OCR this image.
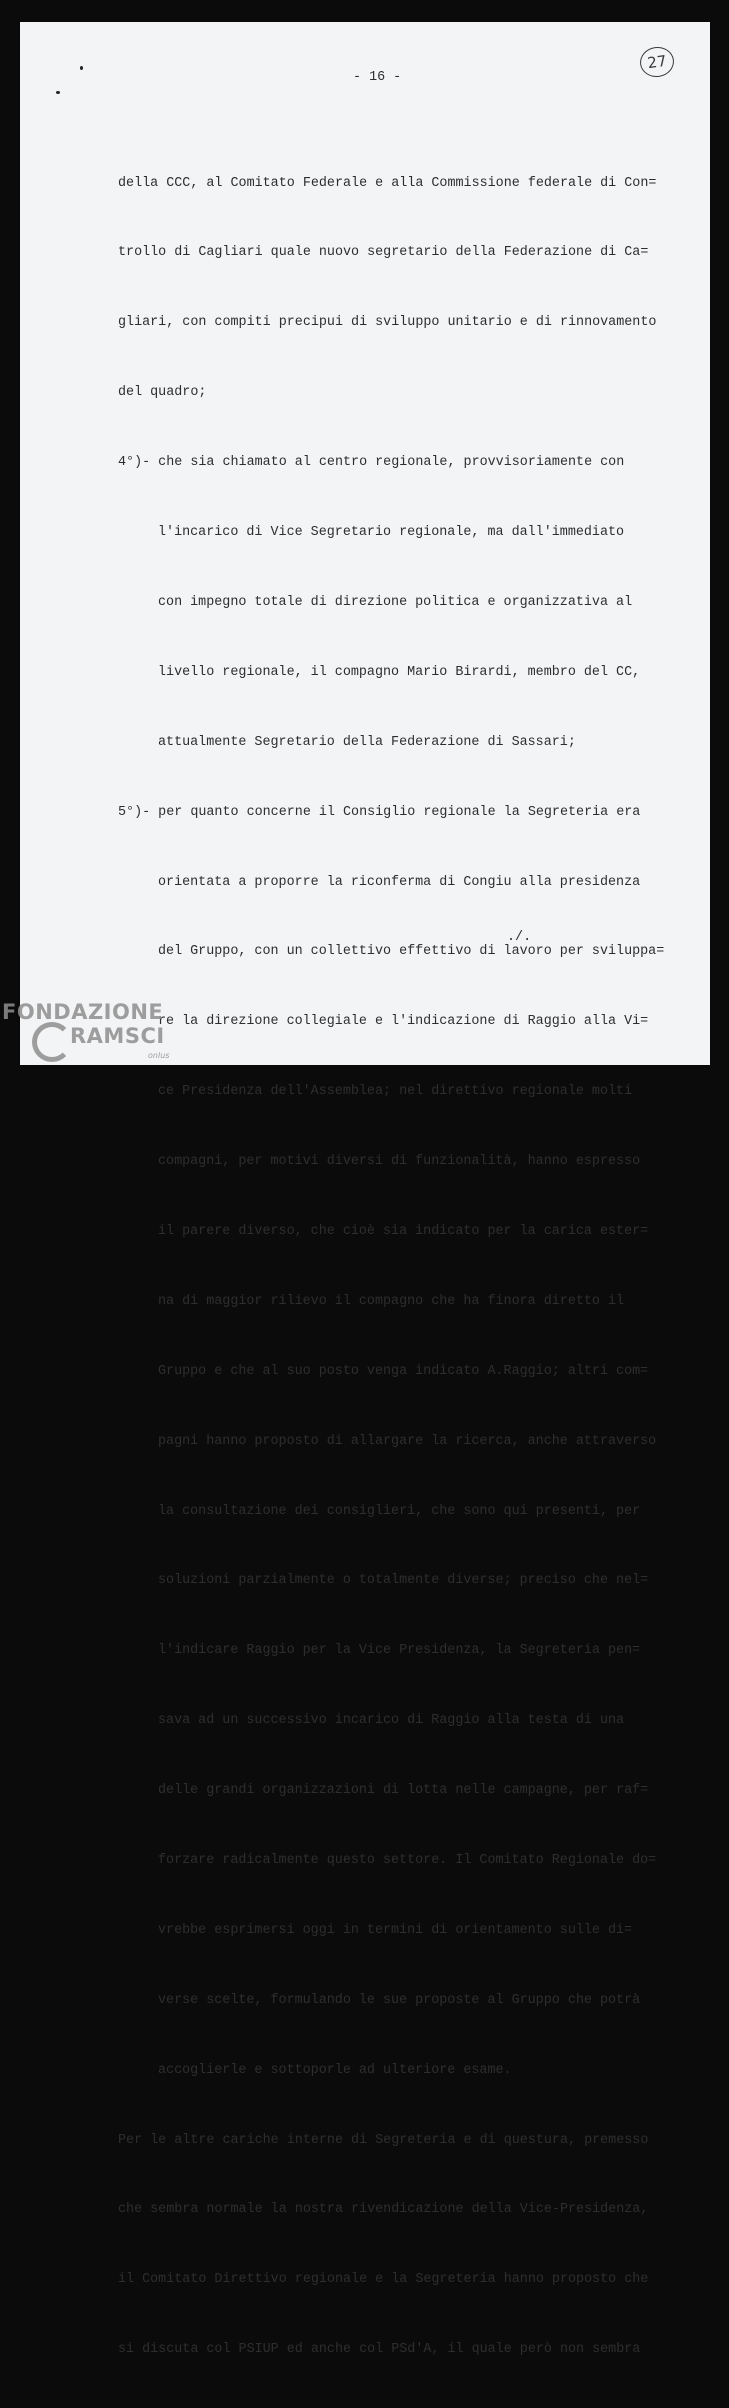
- 16 -
27

della CCC, al Comitato Federale e alla Commissione federale di Con=

trollo di Cagliari quale nuovo segretario della Federazione di Ca=

gliari, con compiti precipui di sviluppo unitario e di rinnovamento

del quadro;

4°)- che sia chiamato al centro regionale, provvisoriamente con

l'incarico di Vice Segretario regionale, ma dall'immediato

con impegno totale di direzione politica e organizzativa al

livello regionale, il compagno Mario Birardi, membro del CC,

attualmente Segretario della Federazione di Sassari;

5°)- per quanto concerne il Consiglio regionale la Segreteria era

orientata a proporre la riconferma di Congiu alla presidenza

del Gruppo, con un collettivo effettivo di lavoro per sviluppa=

re la direzione collegiale e l'indicazione di Raggio alla Vi=

ce Presidenza dell'Assemblea; nel direttivo regionale molti

compagni, per motivi diversi di funzionalità, hanno espresso

il parere diverso, che cioè sia indicato per la carica ester=

na di maggior rilievo il compagno che ha finora diretto il

Gruppo e che al suo posto venga indicato A.Raggio; altri com=

pagni hanno proposto di allargare la ricerca, anche attraverso

la consultazione dei consiglieri, che sono qui presenti, per

soluzioni parzialmente o totalmente diverse; preciso che nel=

l'indicare Raggio per la Vice Presidenza, la Segreteria pen=

sava ad un successivo incarico di Raggio alla testa di una

delle grandi organizzazioni di lotta nelle campagne, per raf=

forzare radicalmente questo settore. Il Comitato Regionale do=

vrebbe esprimersi oggi in termini di orientamento sulle di=

verse scelte, formulando le sue proposte al Gruppo che potrà

accoglierle e sottoporle ad ulteriore esame.

Per le altre cariche interne di Segreteria e di questura, premesso

che sembra normale la nostra rivendicazione della Vice-Presidenza,

il Comitato Direttivo regionale e la Segreteria hanno proposto che

si discuta col PSIUP ed anche col PSd'A, il quale però non sembra

./.
FONDAZIONE
RAMSCI
onlus
